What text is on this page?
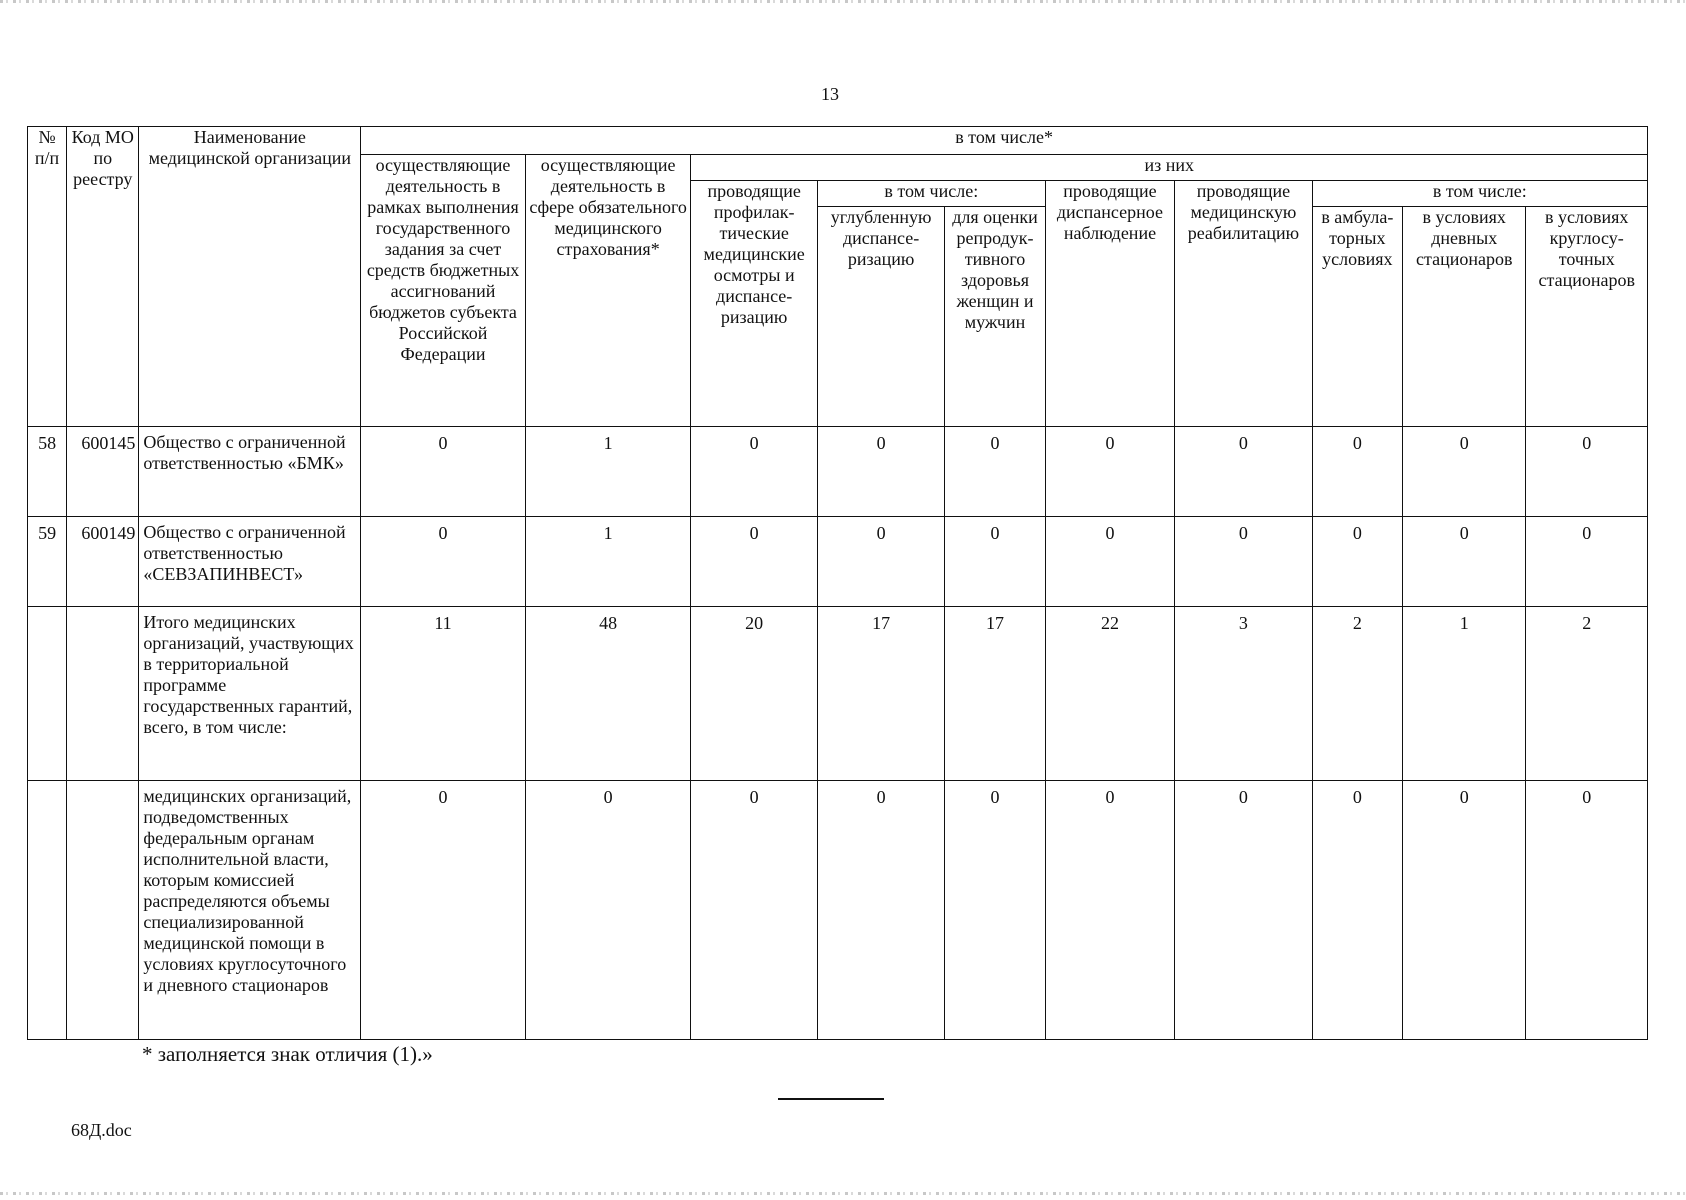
13
№ п/п	Код МО по реестру	Наименование медицинской организации	в том числе*									
			осуществляющие деятельность в рамках выполнения государственного задания за счет средств бюджетных ассигнований бюджетов субъекта Российской Федерации	осуществляющие деятельность в сфере обязательного медицинского страхования*	из них							
					проводящие профилак-тические медицинские осмотры и диспансе-ризацию	в том числе:		проводящие диспансерное наблюдение	проводящие медицинскую реабилитацию	в том числе:		
						углубленную диспансе-ризацию	для оценки репродук-тивного здоровья женщин и мужчин			в амбула-торных условиях	в условиях дневных стационаров	в условиях круглосу-точных стационаров
58	600145	Общество с ограниченной ответственностью «БМК»	0	1	0	0	0	0	0	0	0	0
59	600149	Общество с ограниченной ответственностью «СЕВЗАПИНВЕСТ»	0	1	0	0	0	0	0	0	0	0
		Итого медицинских организаций, участвующих в территориальной программе государственных гарантий, всего, в том числе:	11	48	20	17	17	22	3	2	1	2
		медицинских организаций, подведомственных федеральным органам исполнительной власти, которым комиссией распределяются объемы специализированной медицинской помощи в условиях круглосуточного и дневного стационаров	0	0	0	0	0	0	0	0	0	0
* заполняется знак отличия (1).»
68Д.doc
